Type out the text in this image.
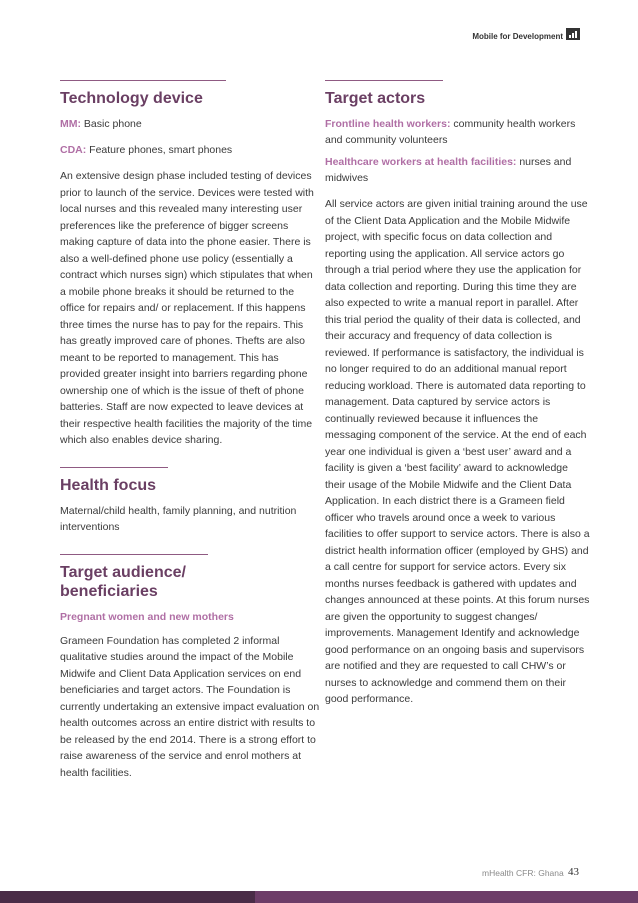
Mobile for Development
Technology device
MM: Basic phone
CDA: Feature phones, smart phones

An extensive design phase included testing of devices prior to launch of the service. Devices were tested with local nurses and this revealed many interesting user preferences like the preference of bigger screens making capture of data into the phone easier. There is also a well-defined phone use policy (essentially a contract which nurses sign) which stipulates that when a mobile phone breaks it should be returned to the office for repairs and/ or replacement. If this happens three times the nurse has to pay for the repairs. This has greatly improved care of phones. Thefts are also meant to be reported to management. This has provided greater insight into barriers regarding phone ownership one of which is the issue of theft of phone batteries. Staff are now expected to leave devices at their respective health facilities the majority of the time which also enables device sharing.

Health focus

Maternal/child health, family planning, and nutrition interventions

Target audience/ beneficiaries
Pregnant women and new mothers

Grameen Foundation has completed 2 informal qualitative studies around the impact of the Mobile Midwife and Client Data Application services on end beneficiaries and target actors. The Foundation is currently undertaking an extensive impact evaluation on health outcomes across an entire district with results to be released by the end 2014. There is a strong effort to raise awareness of the service and enrol mothers at health facilities.

Target actors
Frontline health workers: community health workers and community volunteers
Healthcare workers at health facilities: nurses and midwives

All service actors are given initial training around the use of the Client Data Application and the Mobile Midwife project, with specific focus on data collection and reporting using the application. All service actors go through a trial period where they use the application for data collection and reporting. During this time they are also expected to write a manual report in parallel. After this trial period the quality of their data is collected, and their accuracy and frequency of data collection is reviewed. If performance is satisfactory, the individual is no longer required to do an additional manual report reducing workload. There is automated data reporting to management. Data captured by service actors is continually reviewed because it influences the messaging component of the service. At the end of each year one individual is given a ‘best user’ award and a facility is given a ‘best facility’ award to acknowledge their usage of the Mobile Midwife and the Client Data Application. In each district there is a Grameen field officer who travels around once a week to various facilities to offer support to service actors. There is also a district health information officer (employed by GHS) and a call centre for support for service actors. Every six months nurses feedback is gathered with updates and changes announced at these points. At this forum nurses are given the opportunity to suggest changes/ improvements. Management Identify and acknowledge good performance on an ongoing basis and supervisors are notified and they are requested to call CHW’s or nurses to acknowledge and commend them on their good performance.

mHealth CFR: Ghana 43
